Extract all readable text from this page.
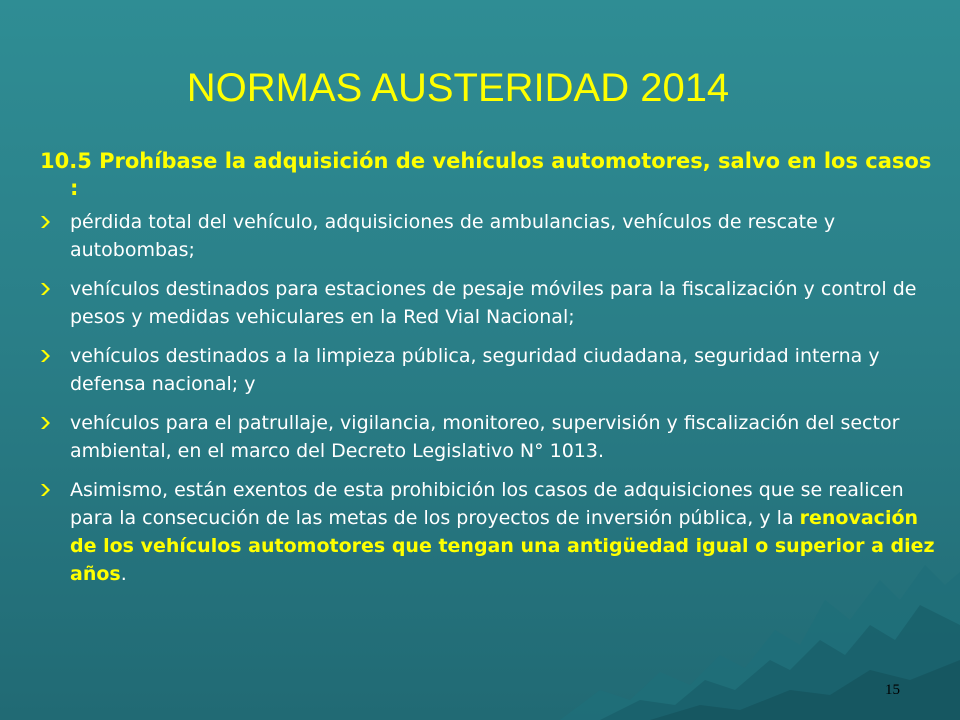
NORMAS AUSTERIDAD 2014

10.5 Prohíbase la adquisición de vehículos automotores, salvo en los casos :

pérdida total del vehículo, adquisiciones de ambulancias, vehículos de rescate y autobombas;
vehículos destinados para estaciones de pesaje móviles para la fiscalización y control de pesos y medidas vehiculares en la Red Vial Nacional;
vehículos destinados a la limpieza pública, seguridad ciudadana, seguridad interna y defensa nacional; y
vehículos para el patrullaje, vigilancia, monitoreo, supervisión y fiscalización del sector ambiental, en el marco del Decreto Legislativo N° 1013.
Asimismo, están exentos de esta prohibición los casos de adquisiciones que se realicen para la consecución de las metas de los proyectos de inversión pública, y la renovación de los vehículos automotores que tengan una antigüedad igual o superior a diez años.
15
